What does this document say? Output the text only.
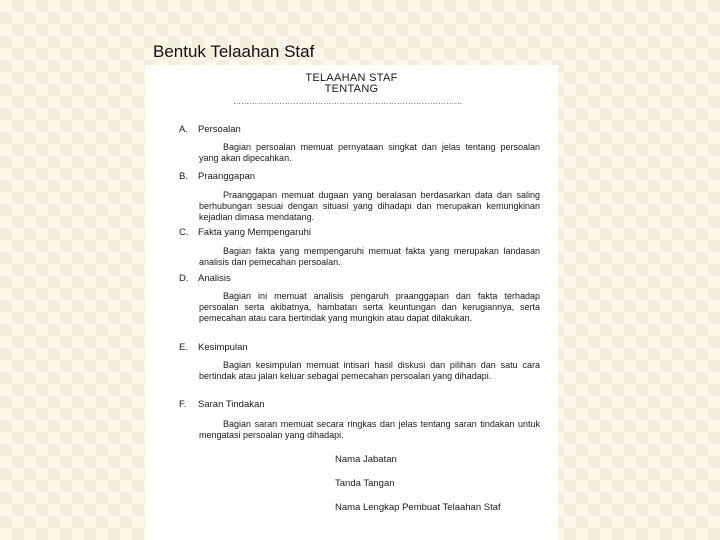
Bentuk Telaahan Staf
TELAAHAN STAF
TENTANG
…………………………………………………………………………
A. Persoalan
Bagian persoalan memuat pernyataan singkat dan jelas tentang persoalan yang akan dipecahkan.
B. Praanggapan
Praanggapan memuat dugaan yang beralasan berdasarkan data dan saling berhubungan sesuai dengan situasi yang dihadapi dan merupakan kemungkinan kejadian dimasa mendatang.
C. Fakta yang Mempengaruhi
Bagian fakta yang mempengaruhi memuat fakta yang merupakan landasan analisis dan pemecahan persoalan.
D. Analisis
Bagian ini memuat analisis pengaruh praanggapan dan fakta terhadap persoalan serta akibatnya, hambatan serta keuntungan dan kerugiannya, serta pemecahan atau cara bertindak yang mungkin atau dapat dilakukan.
E. Kesimpulan
Bagian kesimpulan memuat intisari hasil diskusi dan pilihan dan satu cara bertindak atau jalan keluar sebagai pemecahan persoalan yang dihadapi.
F. Saran Tindakan
Bagian saran memuat secara ringkas dan jelas tentang saran tindakan untuk mengatasi persoalan yang dihadapi.
Nama Jabatan
Tanda Tangan
Nama Lengkap Pembuat Telaahan Staf
